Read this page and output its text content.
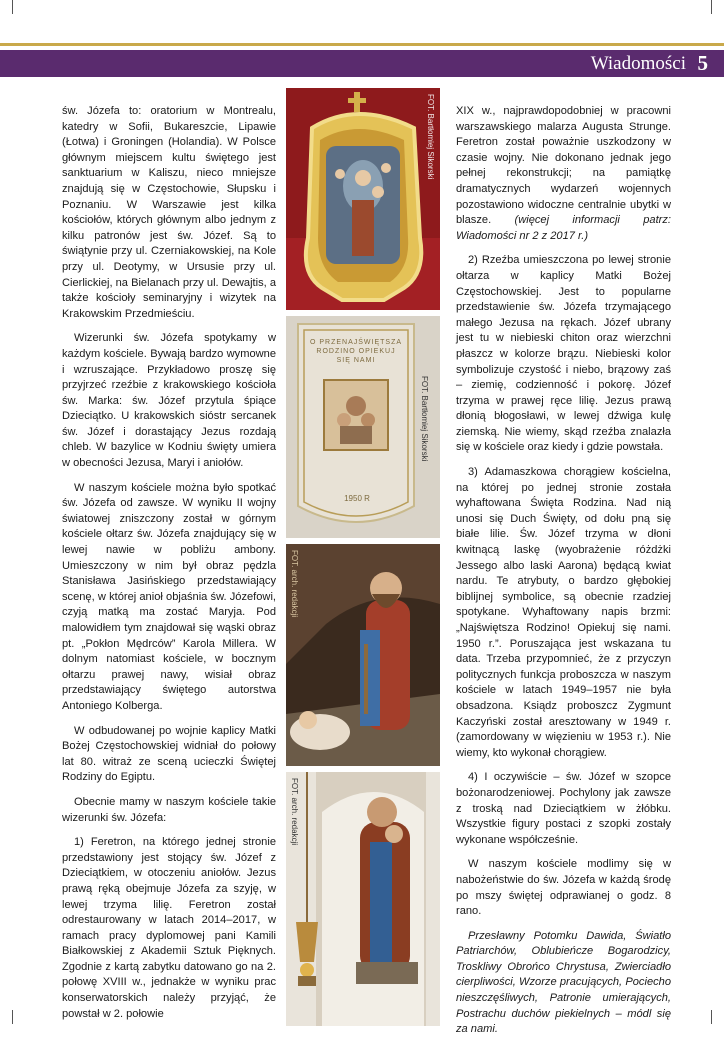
Wiadomości 5

św. Józefa to: oratorium w Montrealu, katedry w Sofii, Bukareszcie, Lipawie (Łotwa) i Groningen (Holandia). W Polsce głównym miejscem kultu świętego jest sanktuarium w Kaliszu, nieco mniejsze znajdują się w Częstochowie, Słupsku i Poznaniu. W Warszawie jest kilka kościołów, których głównym albo jednym z kilku patronów jest św. Józef. Są to świątynie przy ul. Czerniakowskiej, na Kole przy ul. Deotymy, w Ursusie przy ul. Cierlickiej, na Bielanach przy ul. Dewajtis, a także kościoły seminaryjny i wizytek na Krakowskim Przedmieściu.

Wizerunki św. Józefa spotykamy w każdym kościele. Bywają bardzo wymowne i wzruszające. Przykładowo proszę się przyjrzeć rzeźbie z krakowskiego kościoła św. Marka: św. Józef przytula śpiące Dzieciątko. U krakowskich sióstr sercanek św. Józef i dorastający Jezus rozdają chleb. W bazylice w Kodniu święty umiera w obecności Jezusa, Maryi i aniołów.

W naszym kościele można było spotkać św. Józefa od zawsze. W wyniku II wojny światowej zniszczony został w górnym kościele ołtarz św. Józefa znajdujący się w lewej nawie w pobliżu ambony. Umieszczony w nim był obraz pędzla Stanisława Jasińskiego przedstawiający scenę, w której anioł objaśnia św. Józefowi, czyją matką ma zostać Maryja. Pod malowidłem tym znajdował się wąski obraz pt. „Pokłon Mędrców” Karola Millera. W dolnym natomiast kościele, w bocznym ołtarzu prawej nawy, wisiał obraz przedstawiający świętego autorstwa Antoniego Kolberga.

W odbudowanej po wojnie kaplicy Matki Bożej Częstochowskiej widniał do połowy lat 80. witraż ze sceną ucieczki Świętej Rodziny do Egiptu.

Obecnie mamy w naszym kościele takie wizerunki św. Józefa:

1) Feretron, na którego jednej stronie przedstawiony jest stojący św. Józef z Dzieciątkiem, w otoczeniu aniołów. Jezus prawą ręką obejmuje Józefa za szyję, w lewej trzyma lilię. Feretron został odrestaurowany w latach 2014–2017, w ramach pracy dyplomowej pani Kamili Białkowskiej z Akademii Sztuk Pięknych. Zgodnie z kartą zabytku datowano go na 2. połowę XVIII w., jednakże w wyniku prac konserwatorskich należy przyjąć, że powstał w 2. połowie

FOT. Bartłomiej Sikorski
O PRZENAJŚWIĘTSZA RODZINO OPIEKUJ SIĘ NAMI
1950 R
FOT. Bartłomiej Sikorski
FOT. arch. redakcji
FOT. arch. redakcji

XIX w., najprawdopodobniej w pracowni warszawskiego malarza Augusta Strunge. Feretron został poważnie uszkodzony w czasie wojny. Nie dokonano jednak jego pełnej rekonstrukcji; na pamiątkę dramatycznych wydarzeń wojennych pozostawiono widoczne centralnie ubytki w blasze. (więcej informacji patrz: Wiadomości nr 2 z 2017 r.)

2) Rzeźba umieszczona po lewej stronie ołtarza w kaplicy Matki Bożej Częstochowskiej. Jest to popularne przedstawienie św. Józefa trzymającego małego Jezusa na rękach. Józef ubrany jest tu w niebieski chiton oraz wierzchni płaszcz w kolorze brązu. Niebieski kolor symbolizuje czystość i niebo, brązowy zaś – ziemię, codzienność i pokorę. Józef trzyma w prawej ręce lilię. Jezus prawą dłonią błogosławi, w lewej dźwiga kulę ziemską. Nie wiemy, skąd rzeźba znalazła się w kościele oraz kiedy i gdzie powstała.

3) Adamaszkowa chorągiew kościelna, na której po jednej stronie została wyhaftowana Święta Rodzina. Nad nią unosi się Duch Święty, od dołu pną się białe lilie. Św. Józef trzyma w dłoni kwitnącą laskę (wyobrażenie różdżki Jessego albo laski Aarona) będącą kwiat nardu. Te atrybuty, o bardzo głębokiej biblijnej symbolice, są obecnie rzadziej spotykane. Wyhaftowany napis brzmi: „Najświętsza Rodzino! Opiekuj się nami. 1950 r.”. Poruszająca jest wskazana tu data. Trzeba przypomnieć, że z przyczyn politycznych funkcja proboszcza w naszym kościele w latach 1949–1957 nie była obsadzona. Ksiądz proboszcz Zygmunt Kaczyński został aresztowany w 1949 r. (zamordowany w więzieniu w 1953 r.). Nie wiemy, kto wykonał chorągiew.

4) I oczywiście – św. Józef w szopce bożonarodzeniowej. Pochylony jak zawsze z troską nad Dzieciątkiem w żłóbku. Wszystkie figury postaci z szopki zostały wykonane współcześnie.

W naszym kościele modlimy się w nabożeństwie do św. Józefa w każdą środę po mszy świętej odprawianej o godz. 8 rano.

Przesławny Potomku Dawida, Światło Patriarchów, Oblubieńcze Bogarodzicy, Troskliwy Obrońco Chrystusa, Zwierciadło cierpliwości, Wzorze pracujących, Pociecho nieszczęśliwych, Patronie umierających, Postrachu duchów piekielnych – módl się za nami.
